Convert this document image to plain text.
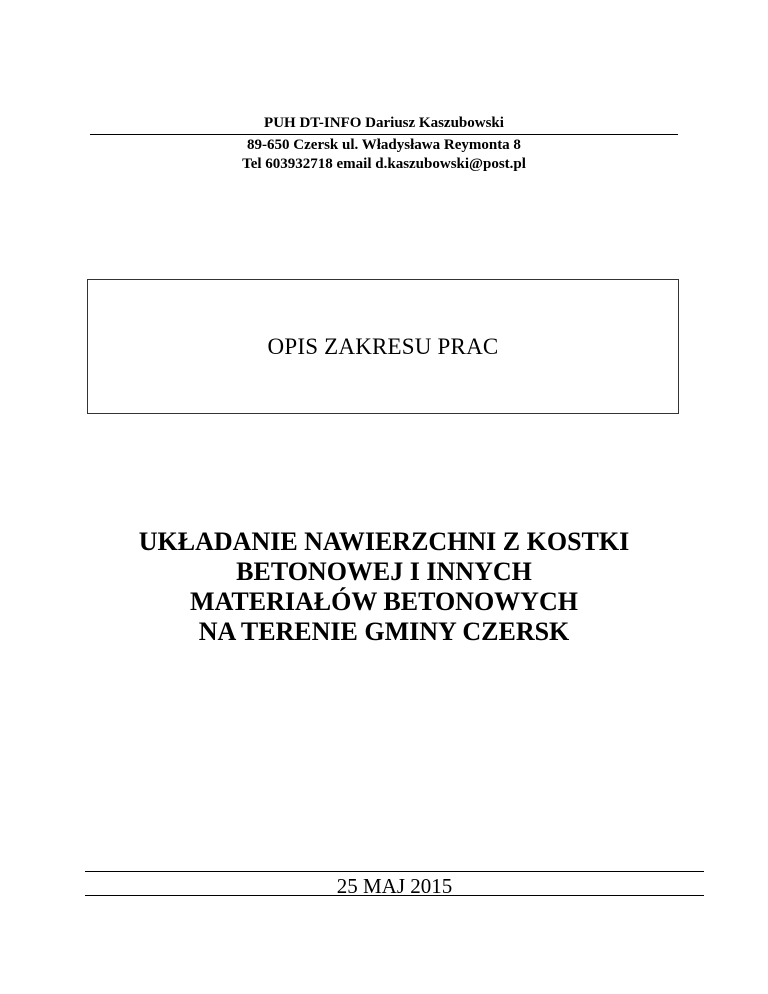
PUH DT-INFO Dariusz Kaszubowski
89-650 Czersk ul. Władysława Reymonta 8
Tel 603932718 email d.kaszubowski@post.pl
OPIS ZAKRESU PRAC
UKŁADANIE NAWIERZCHNI Z KOSTKI
BETONOWEJ I INNYCH
MATERIAŁÓW BETONOWYCH
NA TERENIE GMINY CZERSK
25 MAJ 2015
